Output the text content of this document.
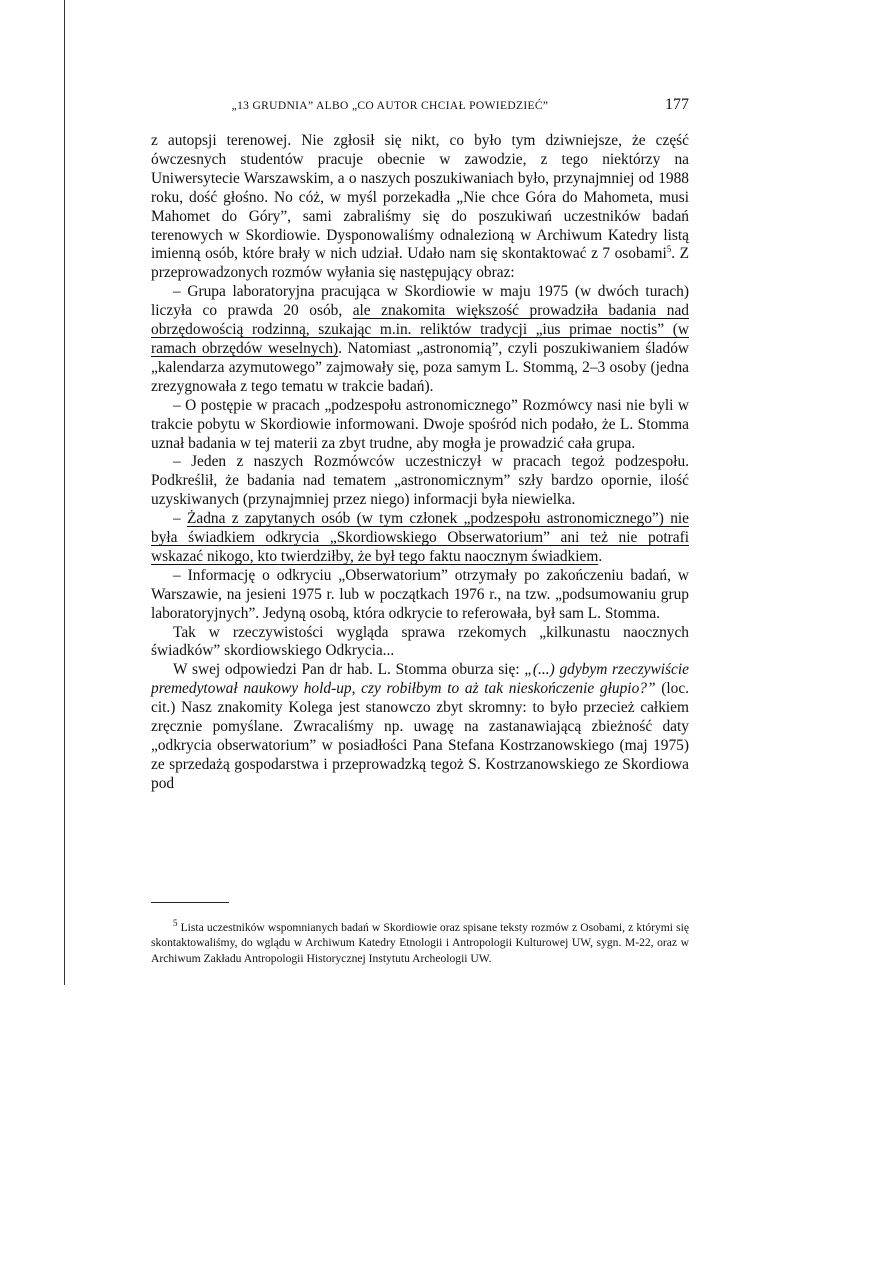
„13 GRUDNIA” ALBO „CO AUTOR CHCIAŁ POWIEDZIEĆ”	177

z autopsji terenowej. Nie zgłosił się nikt, co było tym dziwniejsze, że część ówczesnych studentów pracuje obecnie w zawodzie, z tego niektórzy na Uniwersytecie Warszawskim, a o naszych poszukiwaniach było, przynajmniej od 1988 roku, dość głośno. No cóż, w myśl porzekadła „Nie chce Góra do Mahometa, musi Mahomet do Góry”, sami zabraliśmy się do poszukiwań uczestników badań terenowych w Skordiowie. Dysponowaliśmy odnalezioną w Archiwum Katedry listą imienną osób, które brały w nich udział. Udało nam się skontaktować z 7 osobami$^5$. Z przeprowadzonych rozmów wyłania się następujący obraz:

– Grupa laboratoryjna pracująca w Skordiowie w maju 1975 (w dwóch turach) liczyła co prawda 20 osób, ale znakomita większość prowadziła badania nad obrzędowością rodzinną, szukając m.in. reliktów tradycji „ius primae noctis” (w ramach obrzędów weselnych). Natomiast „astronomią”, czyli poszukiwaniem śladów „kalendarza azymutowego” zajmowały się, poza samym L. Stommą, 2–3 osoby (jedna zrezygnowała z tego tematu w trakcie badań).

– O postępie w pracach „podzespołu astronomicznego” Rozmówcy nasi nie byli w trakcie pobytu w Skordiowie informowani. Dwoje spośród nich podało, że L. Stomma uznał badania w tej materii za zbyt trudne, aby mogła je prowadzić cała grupa.

– Jeden z naszych Rozmówców uczestniczył w pracach tegoż podzespołu. Podkreślił, że badania nad tematem „astronomicznym” szły bardzo opornie, ilość uzyskiwanych (przynajmniej przez niego) informacji była niewielka.

– Żadna z zapytanych osób (w tym członek „podzespołu astronomicznego”) nie była świadkiem odkrycia „Skordiowskiego Obserwatorium” ani też nie potrafi wskazać nikogo, kto twierdziłby, że był tego faktu naocznym świadkiem.

– Informację o odkryciu „Obserwatorium” otrzymały po zakończeniu badań, w Warszawie, na jesieni 1975 r. lub w początkach 1976 r., na tzw. „podsumowaniu grup laboratoryjnych”. Jedyną osobą, która odkrycie to referowała, był sam L. Stomma.

Tak w rzeczywistości wygląda sprawa rzekomych „kilkunastu naocznych świadków” skordiowskiego Odkrycia...

W swej odpowiedzi Pan dr hab. L. Stomma oburza się: „(...) gdybym rzeczywiście premedytował naukowy hold-up, czy robiłbym to aż tak nieskończenie głupio?” (loc. cit.) Nasz znakomity Kolega jest stanowczo zbyt skromny: to było przecież całkiem zręcznie pomyślane. Zwracaliśmy np. uwagę na zastanawiającą zbieżność daty „odkrycia obserwatorium” w posiadłości Pana Stefana Kostrzanowskiego (maj 1975) ze sprzedażą gospodarstwa i przeprowadzką tegoż S. Kostrzanowskiego ze Skordiowa pod

$^5$ Lista uczestników wspomnianych badań w Skordiowie oraz spisane teksty rozmów z Osobami, z którymi się skontaktowaliśmy, do wglądu w Archiwum Katedry Etnologii i Antropologii Kulturowej UW, sygn. M-22, oraz w Archiwum Zakładu Antropologii Historycznej Instytutu Archeologii UW.
